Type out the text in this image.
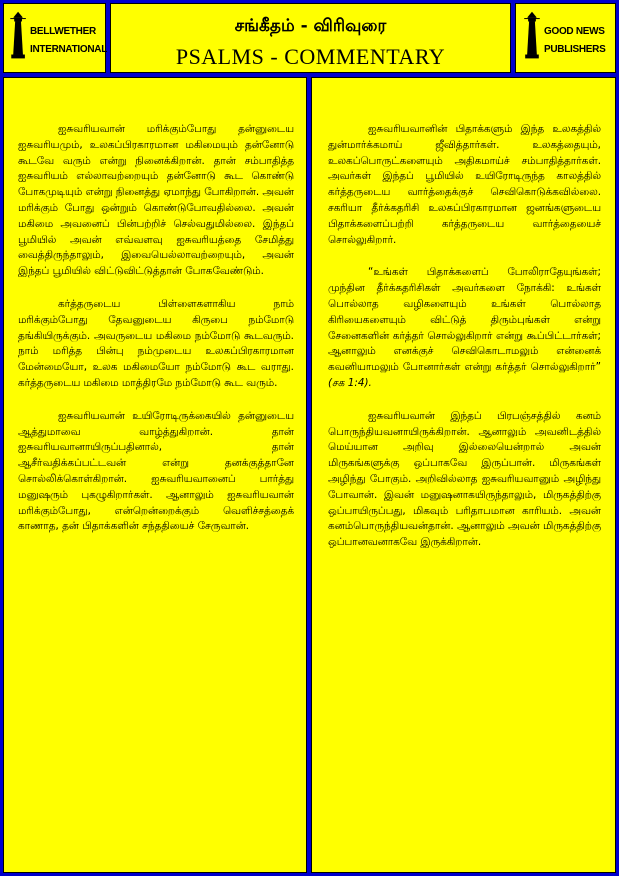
BELLWETHER
INTERNATIONAL
சங்கீதம் - விரிவுரை
PSALMS - COMMENTARY
GOOD NEWS
PUBLISHERS

ஐசுவரியவான் மரிக்கும்போது தன்னுடைய ஐசுவரியமும், உலகப்பிரகாரமான மகிமையும் தன்னோடு கூடவே வரும் என்று நினைக்கிறான். தான் சம்பாதித்த ஐசுவரியம் எல்லாவற்றையும் தன்னோடு கூட கொண்டு போகமுடியும் என்று நினைத்து ஏமாந்து போகிறான். அவன் மரிக்கும் போது ஒன்றும் கொண்டுபோவதில்லை. அவன் மகிமை அவனைப் பின்பற்றிச் செல்வதுமில்லை. இந்தப் பூமியில் அவன் எவ்வளவு ஐசுவரியத்தை சேமித்து வைத்திருந்தாலும், இவையெல்லாவற்றையும், அவன் இந்தப் பூமியில் விட்டுவிட்டுத்தான் போகவேண்டும்.

கர்த்தருடைய பிள்ளைகளாகிய நாம் மரிக்கும்போது தேவனுடைய கிருபை நம்மோடு தங்கியிருக்கும். அவருடைய மகிமை நம்மோடு கூடவரும். நாம் மரித்த பின்பு நம்முடைய உலகப்பிரகாரமான மேன்மையோ, உலக மகிமையோ நம்மோடு கூட வராது. கர்த்தருடைய மகிமை மாத்திரமே நம்மோடு கூட வரும்.

ஐசுவரியவான் உயிரோடிருக்கையில் தன்னுடைய ஆத்துமாவை வாழ்த்துகிறான். தான் ஐசுவரியவானாயிருப்பதினால், தான் ஆசீர்வதிக்கப்பட்டவன் என்று தனக்குத்தானே சொல்லிக்கொள்கிறான். ஐசுவரியவானைப் பார்த்து மனுஷரும் புகழுகிறார்கள். ஆனாலும் ஐசுவரியவான் மரிக்கும்போது, என்றென்றைக்கும் வெளிச்சத்தைக் காணாத, தன் பிதாக்களின் சந்ததியைச் சேருவான்.

ஐசுவரியவானின் பிதாக்களும் இந்த உலகத்தில் துன்மார்க்கமாய் ஜீவித்தார்கள். உலகத்தையும், உலகப்பொருட்களையும் அதிகமாய்ச் சம்பாதித்தார்கள். அவர்கள் இந்தப் பூமியில் உயிரோடிருந்த காலத்தில் கர்த்தருடைய வார்த்தைக்குச் செவிகொடுக்கவில்லை. சகரியா தீர்க்கதரிசி உலகப்பிரகாரமான ஜனங்களுடைய பிதாக்களைப்பற்றி கர்த்தருடைய வார்த்தையைச் சொல்லுகிறார்.

“உங்கள் பிதாக்களைப் போலிராதேயுங்கள்; முந்தின தீர்க்கதரிசிகள் அவர்களை நோக்கி: உங்கள் பொல்லாத வழிகளையும் உங்கள் பொல்லாத கிரியைகளையும் விட்டுத் திரும்புங்கள் என்று சேனைகளின் கர்த்தர் சொல்லுகிறார் என்று கூப்பிட்டார்கள்; ஆனாலும் எனக்குச் செவிகொடாமலும் என்னைக் கவனியாமலும் போனார்கள் என்று கர்த்தர் சொல்லுகிறார்” (சக 1:4).

ஐசுவரியவான் இந்தப் பிரபஞ்சத்தில் கனம் பொருந்தியவனாயிருக்கிறான். ஆனாலும் அவனிடத்தில் மெய்யான அறிவு இல்லையென்றால் அவன் மிருகங்களுக்கு ஒப்பாகவே இருப்பான். மிருகங்கள் அழிந்து போகும். அறிவில்லாத ஐசுவரியவானும் அழிந்து போவான். இவன் மனுஷனாகயிருந்தாலும், மிருகத்திற்கு ஒப்பாயிருப்பது, மிகவும் பரிதாபமான காரியம். அவன் கனம்பொருந்தியவன்தான். ஆனாலும் அவன் மிருகத்திற்கு ஒப்பானவனாகவே இருக்கிறான்.
